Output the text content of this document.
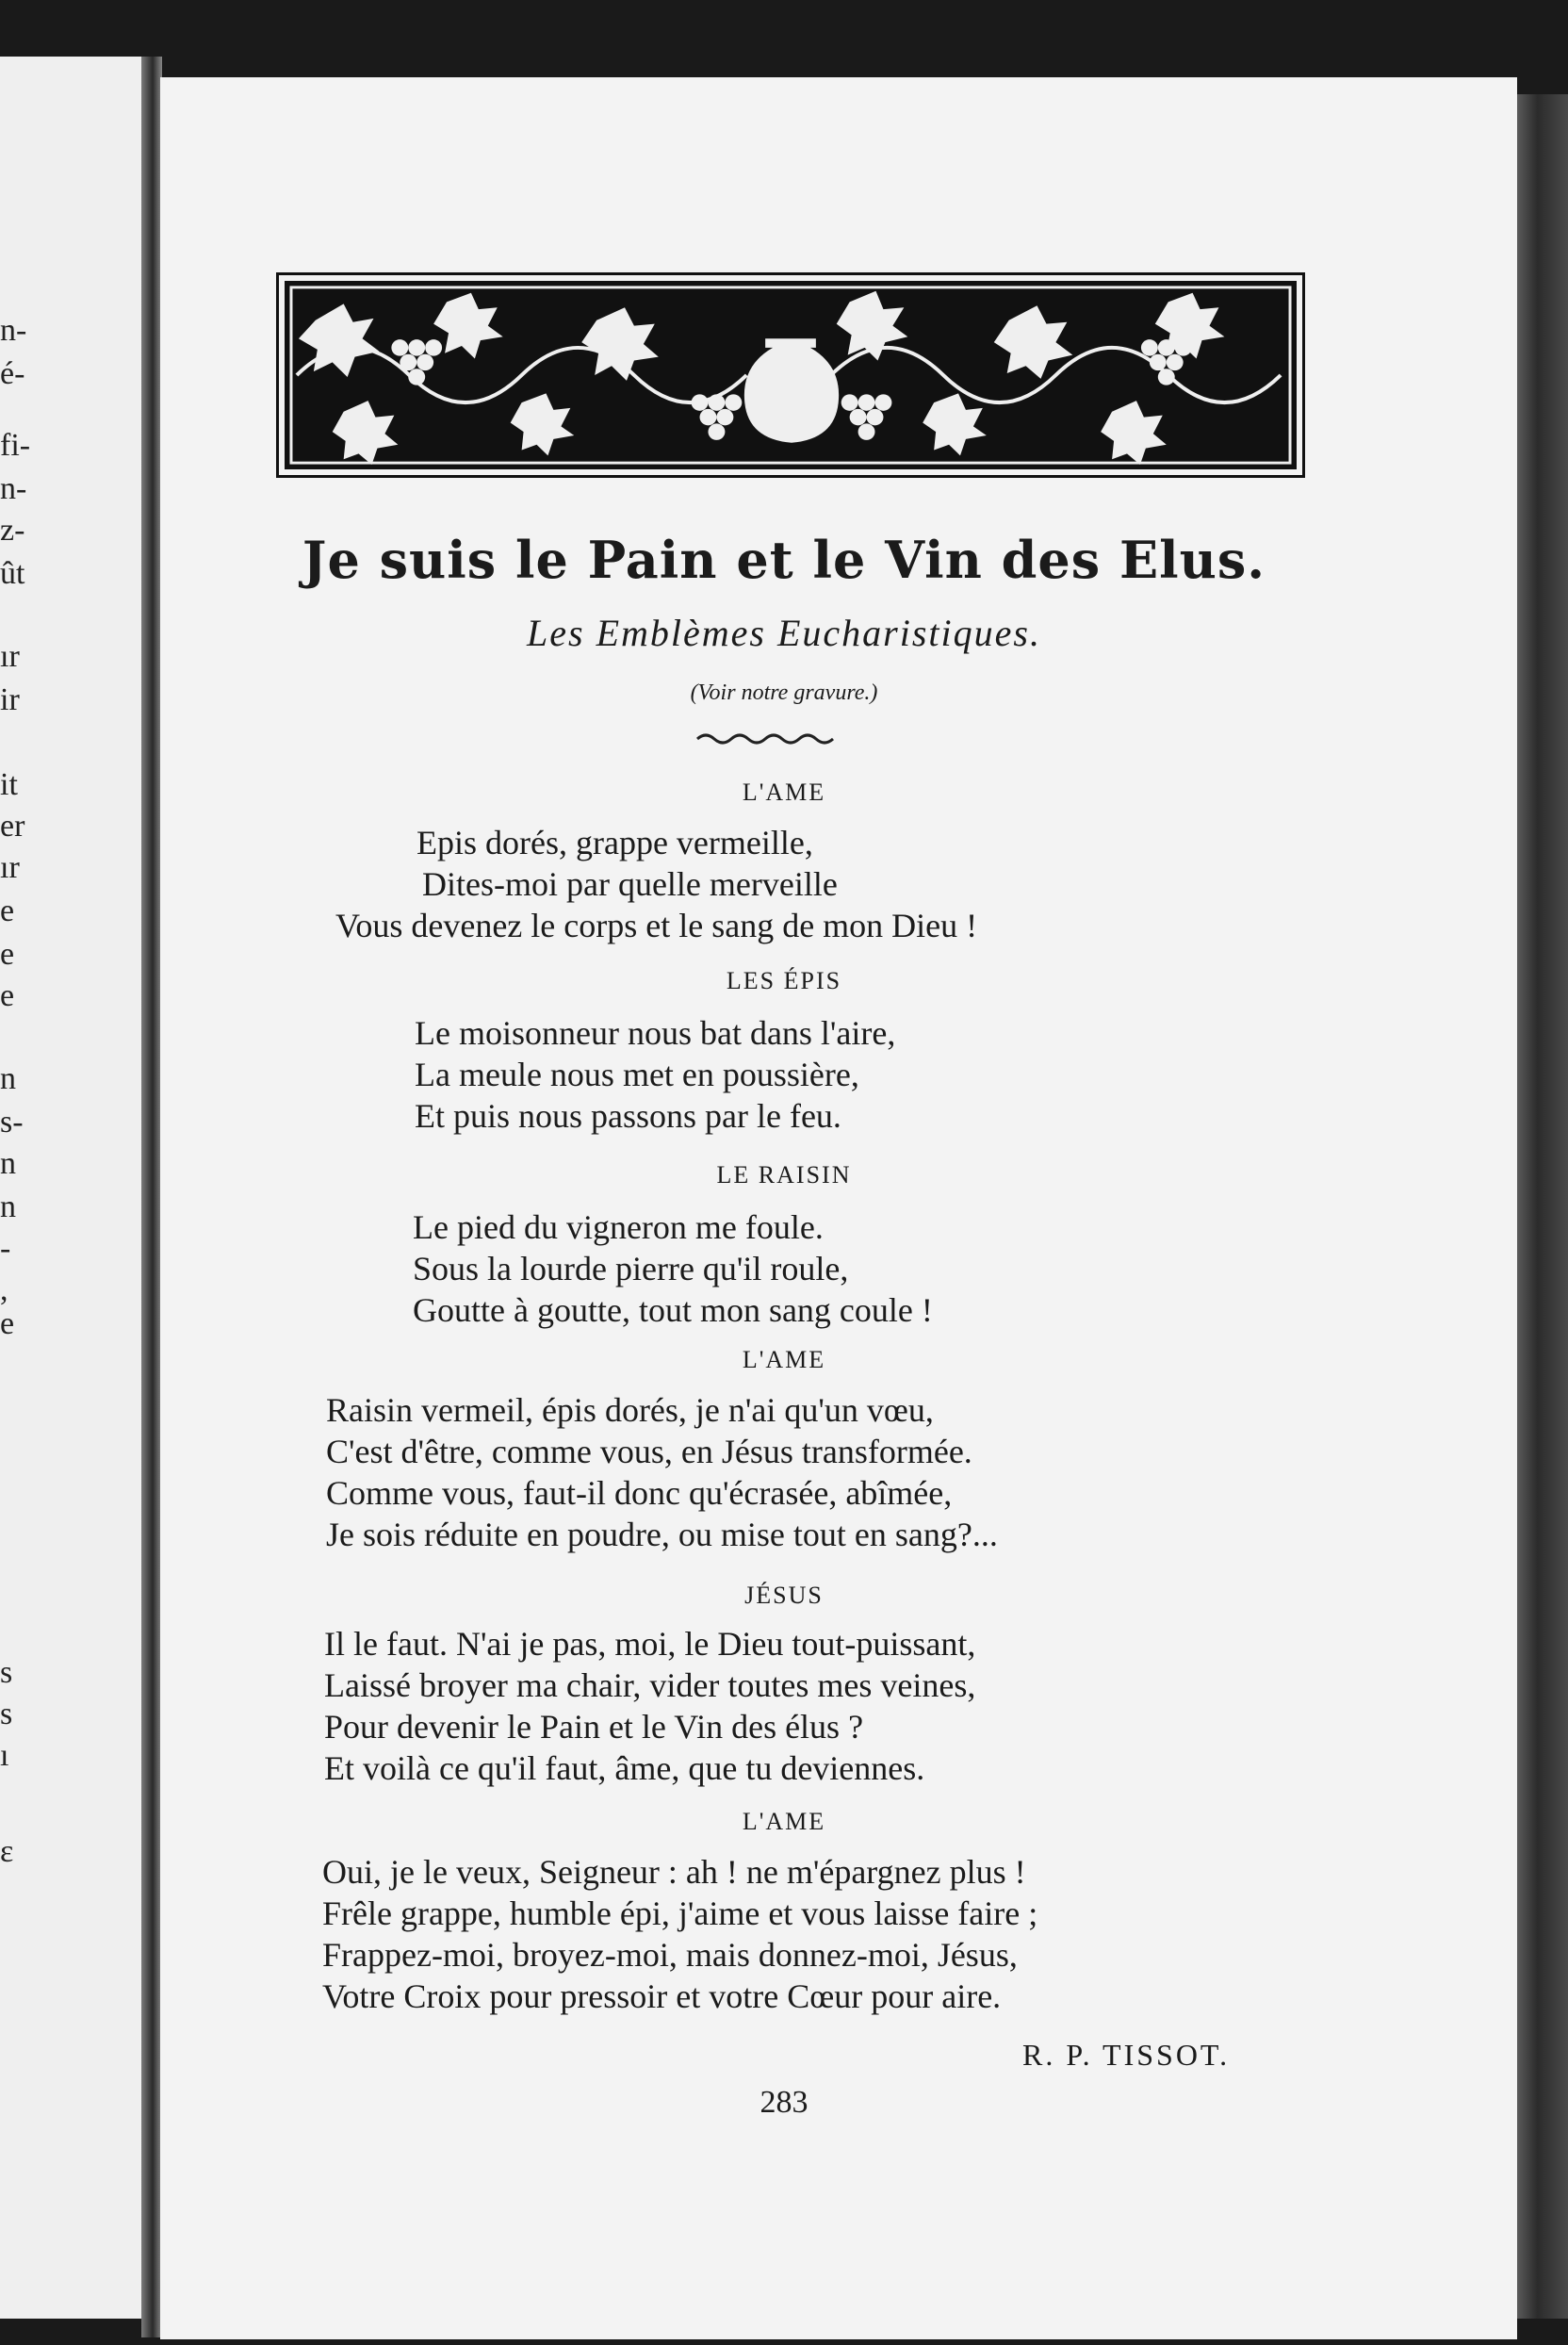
n-
é-
fi-
n-
z-
ût
ır
ir
it
er
ır
e
e
e
n
s-
n
n
-
,
e
s
s
ı
ɛ
Je suis le Pain et le Vin des Elus.
Les Emblèmes Eucharistiques.
(Voir notre gravure.)
L'AME
Epis dorés, grappe vermeille,
Dites-moi par quelle merveille
Vous devenez le corps et le sang de mon Dieu !
LES ÉPIS
Le moisonneur nous bat dans l'aire,
La meule nous met en poussière,
Et puis nous passons par le feu.
LE RAISIN
Le pied du vigneron me foule.
Sous la lourde pierre qu'il roule,
Goutte à goutte, tout mon sang coule !
L'AME
Raisin vermeil, épis dorés, je n'ai qu'un vœu,
C'est d'être, comme vous, en Jésus transformée.
Comme vous, faut-il donc qu'écrasée, abîmée,
Je sois réduite en poudre, ou mise tout en sang?...
JÉSUS
Il le faut. N'ai je pas, moi, le Dieu tout-puissant,
Laissé broyer ma chair, vider toutes mes veines,
Pour devenir le Pain et le Vin des élus ?
Et voilà ce qu'il faut, âme, que tu deviennes.
L'AME
Oui, je le veux, Seigneur : ah ! ne m'épargnez plus !
Frêle grappe, humble épi, j'aime et vous laisse faire ;
Frappez-moi, broyez-moi, mais donnez-moi, Jésus,
Votre Croix pour pressoir et votre Cœur pour aire.
R. P. TISSOT.
283
